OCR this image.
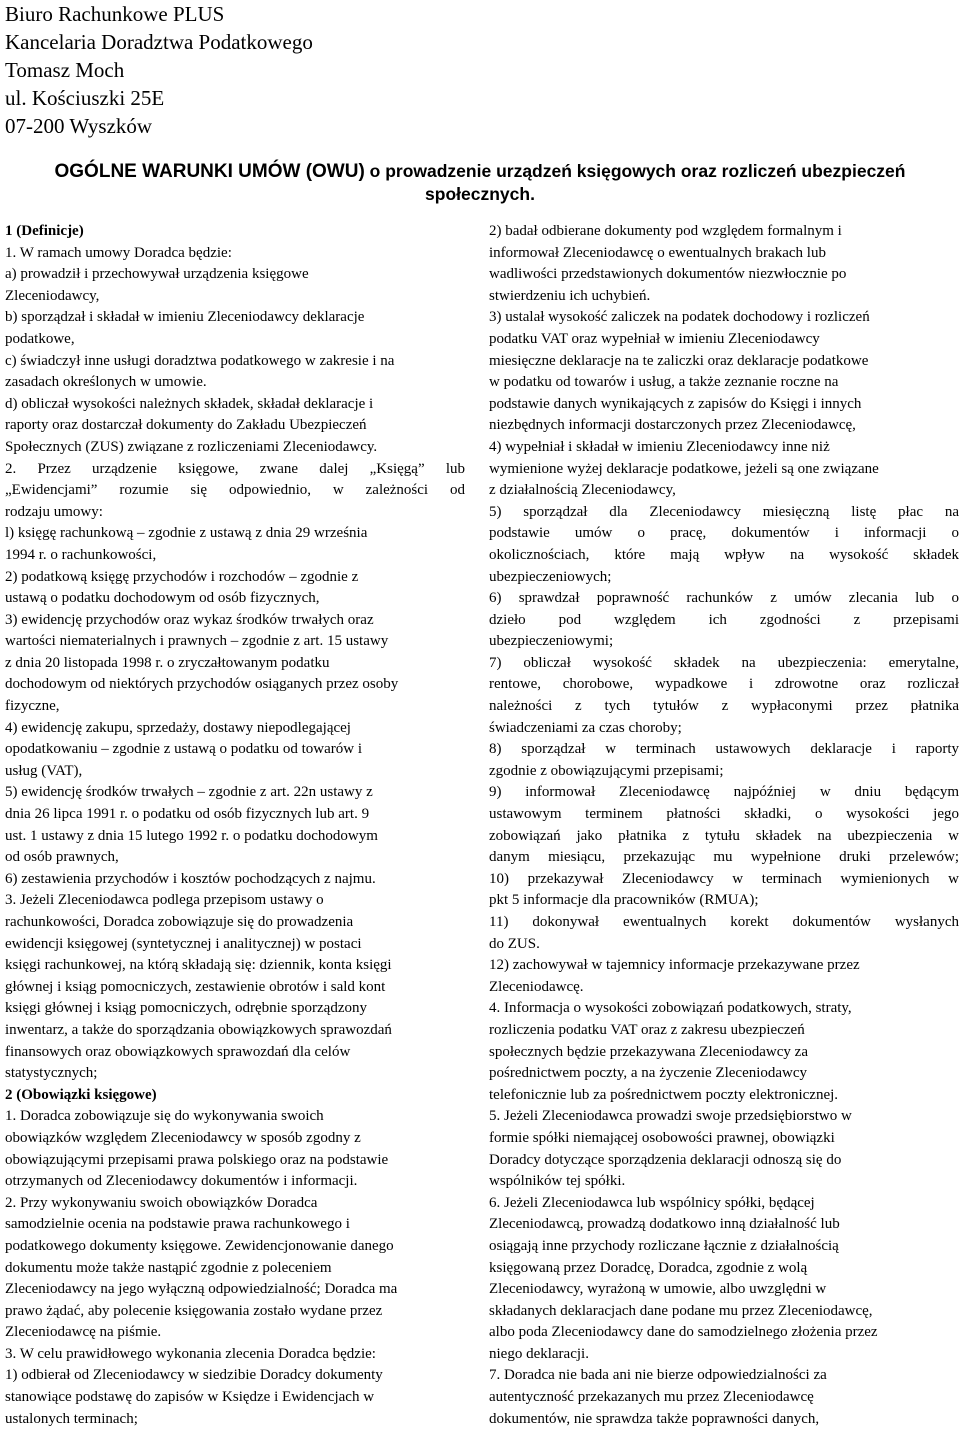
Biuro Rachunkowe PLUS
Kancelaria Doradztwa Podatkowego
Tomasz Moch
ul. Kościuszki 25E
07-200 Wyszków
OGÓLNE WARUNKI UMÓW (OWU) o prowadzenie urządzeń księgowych oraz rozliczeń ubezpieczeń
społecznych.
1 (Definicje)
1. W ramach umowy Doradca będzie:
a) prowadził i przechowywał urządzenia księgowe
Zleceniodawcy,
b) sporządzał i składał w imieniu Zleceniodawcy deklaracje
podatkowe,
c) świadczył inne usługi doradztwa podatkowego w zakresie i na
zasadach określonych w umowie.
d) obliczał wysokości należnych składek, składał deklaracje i
raporty oraz dostarczał dokumenty do Zakładu Ubezpieczeń
Społecznych (ZUS) związane z rozliczeniami Zleceniodawcy.
2. Przez urządzenie księgowe, zwane dalej „Księgą” lub
„Ewidencjami” rozumie się odpowiednio, w zależności od
rodzaju umowy:
l) księgę rachunkową – zgodnie z ustawą z dnia 29 września
1994 r. o rachunkowości,
2) podatkową księgę przychodów i rozchodów – zgodnie z
ustawą o podatku dochodowym od osób fizycznych,
3) ewidencję przychodów oraz wykaz środków trwałych oraz
wartości niematerialnych i prawnych – zgodnie z art. 15 ustawy
z dnia 20 listopada 1998 r. o zryczałtowanym podatku
dochodowym od niektórych przychodów osiąganych przez osoby
fizyczne,
4) ewidencję zakupu, sprzedaży, dostawy niepodlegającej
opodatkowaniu – zgodnie z ustawą o podatku od towarów i
usług (VAT),
5) ewidencję środków trwałych – zgodnie z art. 22n ustawy z
dnia 26 lipca 1991 r. o podatku od osób fizycznych lub art. 9
ust. 1 ustawy z dnia 15 lutego 1992 r. o podatku dochodowym
od osób prawnych,
6) zestawienia przychodów i kosztów pochodzących z najmu.
3. Jeżeli Zleceniodawca podlega przepisom ustawy o
rachunkowości, Doradca zobowiązuje się do prowadzenia
ewidencji księgowej (syntetycznej i analitycznej) w postaci
księgi rachunkowej, na którą składają się: dziennik, konta księgi
głównej i ksiąg pomocniczych, zestawienie obrotów i sald kont
księgi głównej i ksiąg pomocniczych, odrębnie sporządzony
inwentarz, a także do sporządzania obowiązkowych sprawozdań
finansowych oraz obowiązkowych sprawozdań dla celów
statystycznych;
2 (Obowiązki księgowe)
1. Doradca zobowiązuje się do wykonywania swoich
obowiązków względem Zleceniodawcy w sposób zgodny z
obowiązującymi przepisami prawa polskiego oraz na podstawie
otrzymanych od Zleceniodawcy dokumentów i informacji.
2. Przy wykonywaniu swoich obowiązków Doradca
samodzielnie ocenia na podstawie prawa rachunkowego i
podatkowego dokumenty księgowe. Zewidencjonowanie danego
dokumentu może także nastąpić zgodnie z poleceniem
Zleceniodawcy na jego wyłączną odpowiedzialność; Doradca ma
prawo żądać, aby polecenie księgowania zostało wydane przez
Zleceniodawcę na piśmie.
3. W celu prawidłowego wykonania zlecenia Doradca będzie:
1) odbierał od Zleceniodawcy w siedzibie Doradcy dokumenty
stanowiące podstawę do zapisów w Księdze i Ewidencjach w
ustalonych terminach;
2) badał odbierane dokumenty pod względem formalnym i
informował Zleceniodawcę o ewentualnych brakach lub
wadliwości przedstawionych dokumentów niezwłocznie po
stwierdzeniu ich uchybień.
3) ustalał wysokość zaliczek na podatek dochodowy i rozliczeń
podatku VAT oraz wypełniał w imieniu Zleceniodawcy
miesięczne deklaracje na te zaliczki oraz deklaracje podatkowe
w podatku od towarów i usług, a także zeznanie roczne na
podstawie danych wynikających z zapisów do Księgi i innych
niezbędnych informacji dostarczonych przez Zleceniodawcę,
4) wypełniał i składał w imieniu Zleceniodawcy inne niż
wymienione wyżej deklaracje podatkowe, jeżeli są one związane
z działalnością Zleceniodawcy,
5) sporządzał dla Zleceniodawcy miesięczną listę płac na
podstawie umów o pracę, dokumentów i informacji o
okolicznościach, które mają wpływ na wysokość składek
ubezpieczeniowych;
6) sprawdzał poprawność rachunków z umów zlecania lub o
dzieło pod względem ich zgodności z przepisami
ubezpieczeniowymi;
7) obliczał wysokość składek na ubezpieczenia: emerytalne,
rentowe, chorobowe, wypadkowe i zdrowotne oraz rozliczał
należności z tych tytułów z wypłaconymi przez płatnika
świadczeniami za czas choroby;
8) sporządzał w terminach ustawowych deklaracje i raporty
zgodnie z obowiązującymi przepisami;
9) informował Zleceniodawcę najpóźniej w dniu będącym
ustawowym terminem płatności składki, o wysokości jego
zobowiązań jako płatnika z tytułu składek na ubezpieczenia w
danym miesiącu, przekazując mu wypełnione druki przelewów;
10) przekazywał Zleceniodawcy w terminach wymienionych w
pkt 5 informacje dla pracowników (RMUA);
11) dokonywał ewentualnych korekt dokumentów wysłanych
do ZUS.
12) zachowywał w tajemnicy informacje przekazywane przez
Zleceniodawcę.
4. Informacja o wysokości zobowiązań podatkowych, straty,
rozliczenia podatku VAT oraz z zakresu ubezpieczeń
społecznych będzie przekazywana Zleceniodawcy za
pośrednictwem poczty, a na życzenie Zleceniodawcy
telefonicznie lub za pośrednictwem poczty elektronicznej.
5. Jeżeli Zleceniodawca prowadzi swoje przedsiębiorstwo w
formie spółki niemającej osobowości prawnej, obowiązki
Doradcy dotyczące sporządzenia deklaracji odnoszą się do
wspólników tej spółki.
6. Jeżeli Zleceniodawca lub wspólnicy spółki, będącej
Zleceniodawcą, prowadzą dodatkowo inną działalność lub
osiągają inne przychody rozliczane łącznie z działalnością
księgowaną przez Doradcę, Doradca, zgodnie z wolą
Zleceniodawcy, wyrażoną w umowie, albo uwzględni w
składanych deklaracjach dane podane mu przez Zleceniodawcę,
albo poda Zleceniodawcy dane do samodzielnego złożenia przez
niego deklaracji.
7. Doradca nie bada ani nie bierze odpowiedzialności za
autentyczność przekazanych mu przez Zleceniodawcę
dokumentów, nie sprawdza także poprawności danych,
